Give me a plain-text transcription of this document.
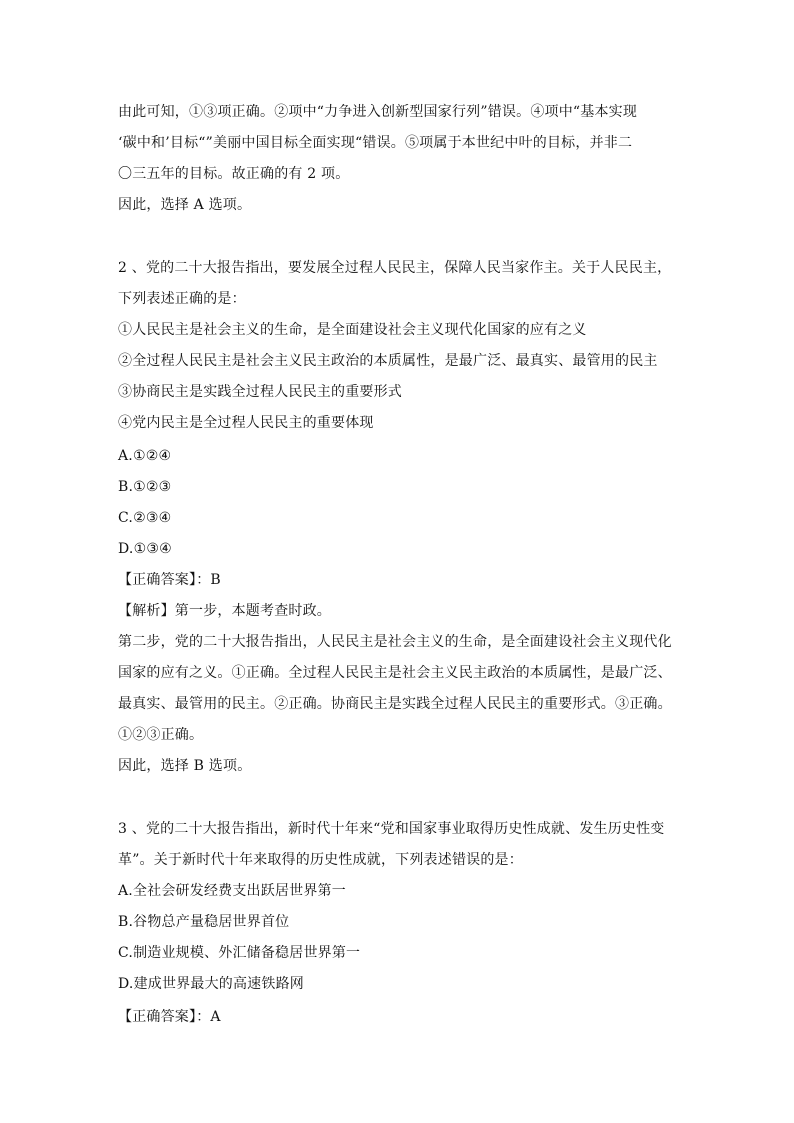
由此可知，①③项正确。②项中“力争进入创新型国家行列”错误。④项中“基本实现
‘碳中和’目标“”美丽中国目标全面实现“错误。⑤项属于本世纪中叶的目标，并非二
〇三五年的目标。故正确的有 2 项。
因此，选择 A 选项。
2 、党的二十大报告指出，要发展全过程人民民主，保障人民当家作主。关于人民民主，
下列表述正确的是：
①人民民主是社会主义的生命，是全面建设社会主义现代化国家的应有之义
②全过程人民民主是社会主义民主政治的本质属性，是最广泛、最真实、最管用的民主
③协商民主是实践全过程人民民主的重要形式
④党内民主是全过程人民民主的重要体现
A.①②④
B.①②③
C.②③④
D.①③④
【正确答案】：B
【解析】第一步，本题考查时政。
第二步，党的二十大报告指出，人民民主是社会主义的生命，是全面建设社会主义现代化
国家的应有之义。①正确。全过程人民民主是社会主义民主政治的本质属性，是最广泛、
最真实、最管用的民主。②正确。协商民主是实践全过程人民民主的重要形式。③正确。
①②③正确。
因此，选择 B 选项。
3 、党的二十大报告指出，新时代十年来“党和国家事业取得历史性成就、发生历史性变
革”。关于新时代十年来取得的历史性成就，下列表述错误的是：
A.全社会研发经费支出跃居世界第一
B.谷物总产量稳居世界首位
C.制造业规模、外汇储备稳居世界第一
D.建成世界最大的高速铁路网
【正确答案】：A
